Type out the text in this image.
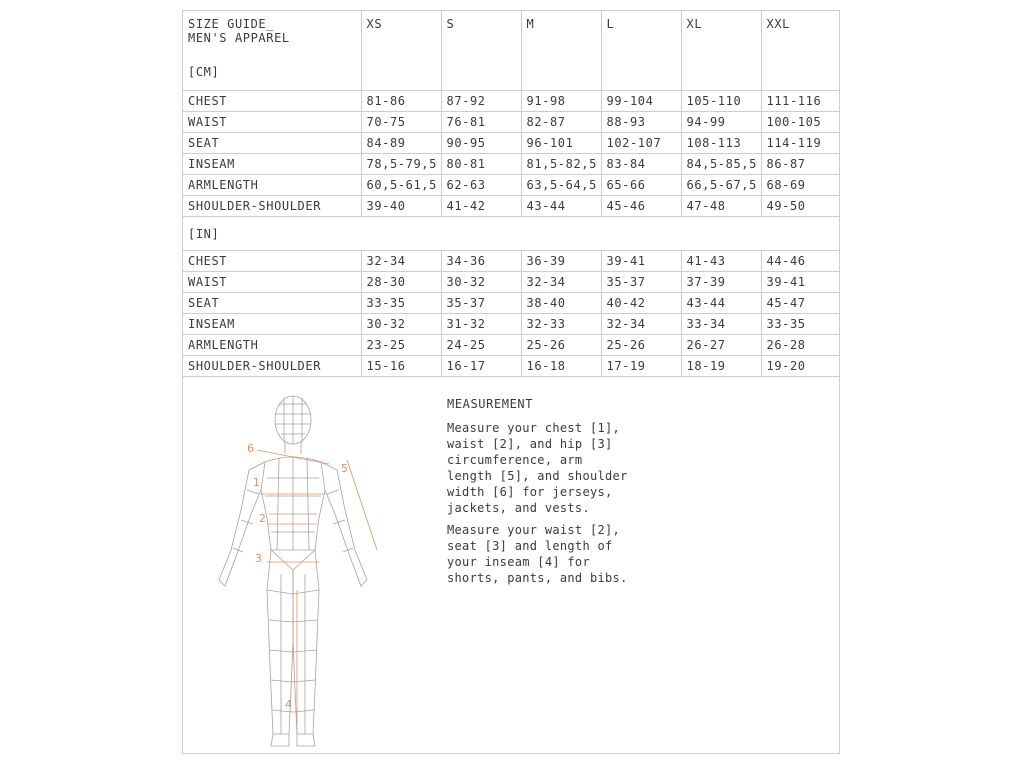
SIZE GUIDE_
MEN'S APPAREL
[CM]	XS	S	M	L	XL	XXL
CHEST	81-86	87-92	91-98	99-104	105-110	111-116
WAIST	70-75	76-81	82-87	88-93	94-99	100-105
SEAT	84-89	90-95	96-101	102-107	108-113	114-119
INSEAM	78,5-79,5	80-81	81,5-82,5	83-84	84,5-85,5	86-87
ARMLENGTH	60,5-61,5	62-63	63,5-64,5	65-66	66,5-67,5	68-69
SHOULDER-SHOULDER	39-40	41-42	43-44	45-46	47-48	49-50
[IN]						
CHEST	32-34	34-36	36-39	39-41	41-43	44-46
WAIST	28-30	30-32	32-34	35-37	37-39	39-41
SEAT	33-35	35-37	38-40	40-42	43-44	45-47
INSEAM	30-32	31-32	32-33	32-34	33-34	33-35
ARMLENGTH	23-25	24-25	25-26	25-26	26-27	26-28
SHOULDER-SHOULDER	15-16	16-17	16-18	17-19	18-19	19-20
1
2
3
4
5
6

MEASUREMENT

Measure your chest [1],
waist [2], and hip [3]
circumference, arm
length [5], and shoulder
width [6] for jerseys,
jackets, and vests.

Measure your waist [2],
seat [3] and length of
your inseam [4] for
shorts, pants, and bibs.
